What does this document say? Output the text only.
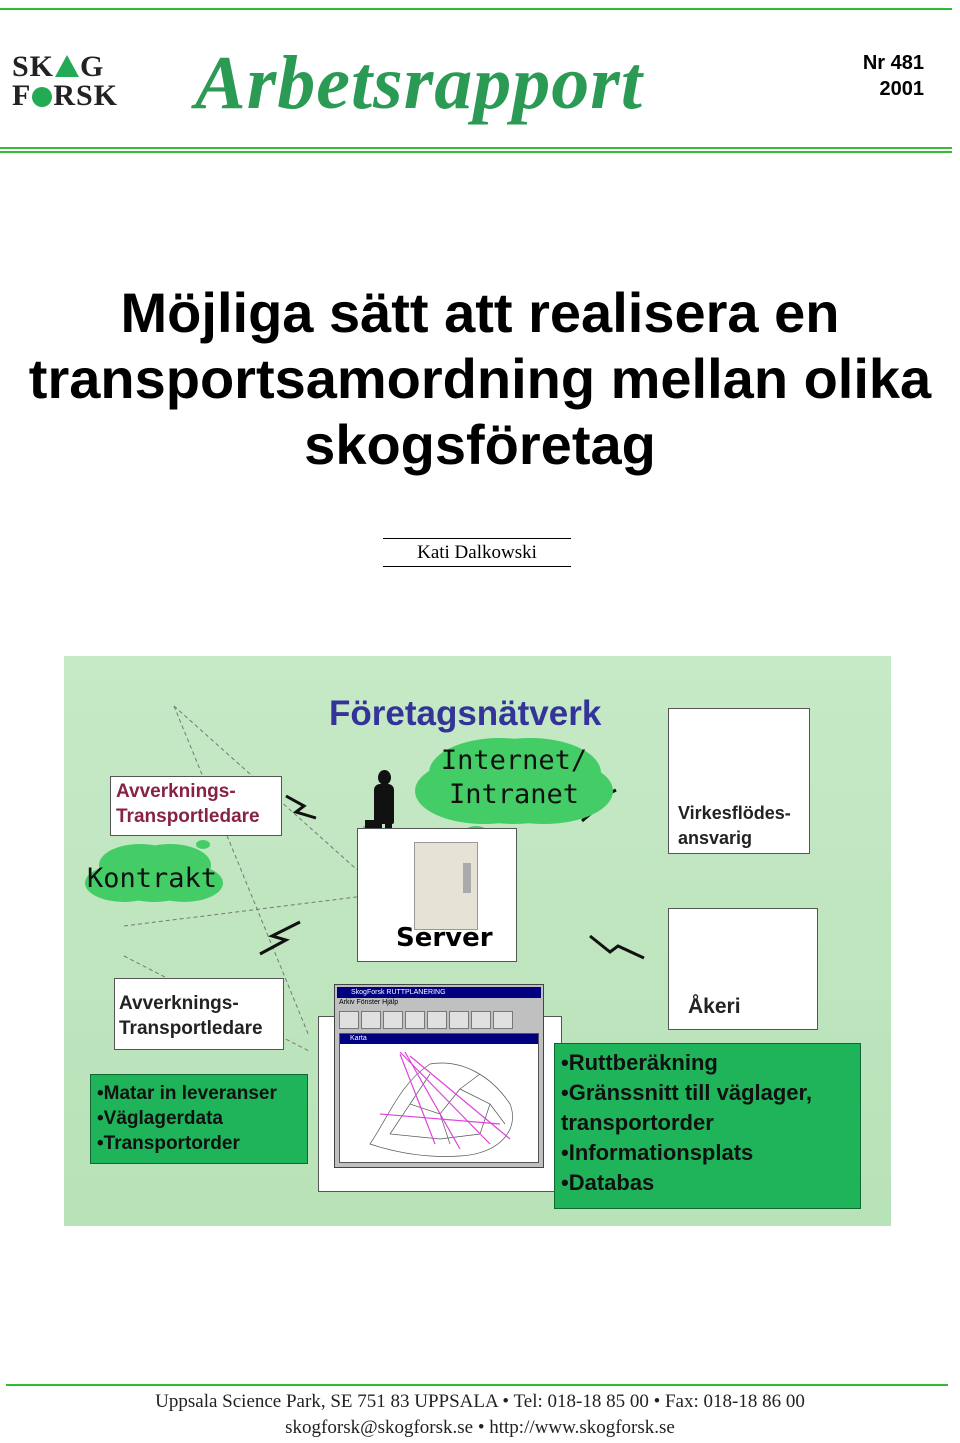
SK G
F RSK	Arbetsrapport	Nr 481
2001
Möjliga sätt att realisera en
transportsamordning mellan olika
skogsföretag
Kati Dalkowski
Företagsnätverk
Internet/
Intranet
Kontrakt
Avverknings-
Transportledare
Avverknings-
Transportledare
Server
Virkesflödes-
ansvarig
Åkeri
SkogForsk RUTTPLANERING
Arkiv Fönster Hjälp
Karta
•Matar in leveranser
•Väglagerdata
•Transportorder
•Ruttberäkning
•Gränssnitt till väglager,
transportorder
•Informationsplats
•Databas
Uppsala Science Park, SE 751 83 UPPSALA • Tel: 018-18 85 00 • Fax: 018-18 86 00
skogforsk@skogforsk.se • http://www.skogforsk.se
